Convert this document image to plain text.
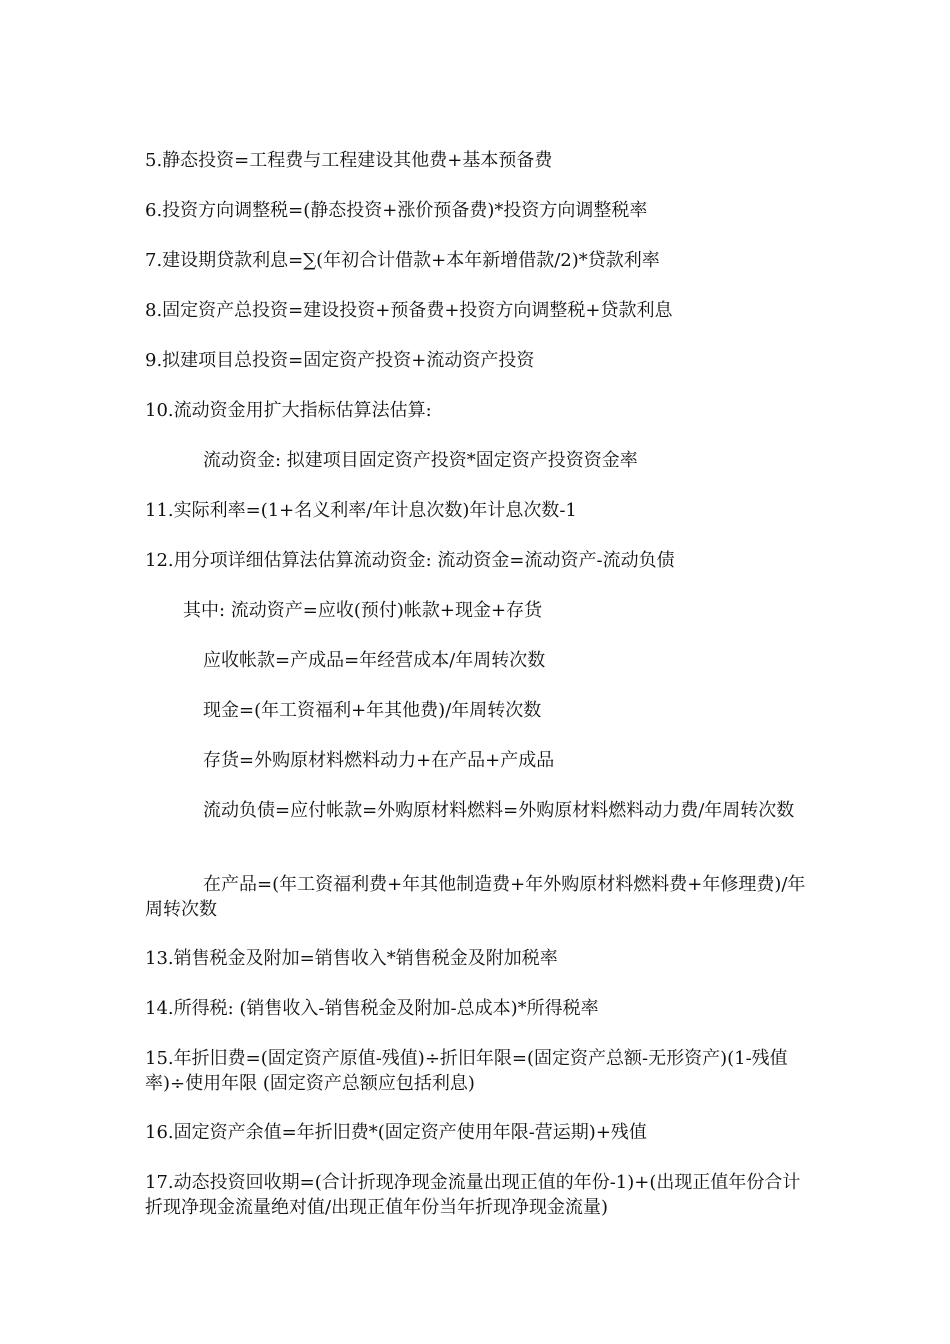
5.静态投资=工程费与工程建设其他费+基本预备费
6.投资方向调整税=(静态投资+涨价预备费)*投资方向调整税率
7.建设期贷款利息=∑(年初合计借款+本年新增借款/2)*贷款利率
8.固定资产总投资=建设投资+预备费+投资方向调整税+贷款利息
9.拟建项目总投资=固定资产投资+流动资产投资
10.流动资金用扩大指标估算法估算:
流动资金: 拟建项目固定资产投资*固定资产投资资金率
11.实际利率=(1+名义利率/年计息次数)年计息次数-1
12.用分项详细估算法估算流动资金: 流动资金=流动资产-流动负债
其中: 流动资产=应收(预付)帐款+现金+存货
应收帐款=产成品=年经营成本/年周转次数
现金=(年工资福利+年其他费)/年周转次数
存货=外购原材料燃料动力+在产品+产成品
流动负债=应付帐款=外购原材料燃料=外购原材料燃料动力费/年周转次数
在产品=(年工资福利费+年其他制造费+年外购原材料燃料费+年修理费)/年周转次数
13.销售税金及附加=销售收入*销售税金及附加税率
14.所得税: (销售收入-销售税金及附加-总成本)*所得税率
15.年折旧费=(固定资产原值-残值)÷折旧年限=(固定资产总额-无形资产)(1-残值率)÷使用年限 (固定资产总额应包括利息)
16.固定资产余值=年折旧费*(固定资产使用年限-营运期)+残值
17.动态投资回收期=(合计折现净现金流量出现正值的年份-1)+(出现正值年份合计折现净现金流量绝对值/出现正值年份当年折现净现金流量)
